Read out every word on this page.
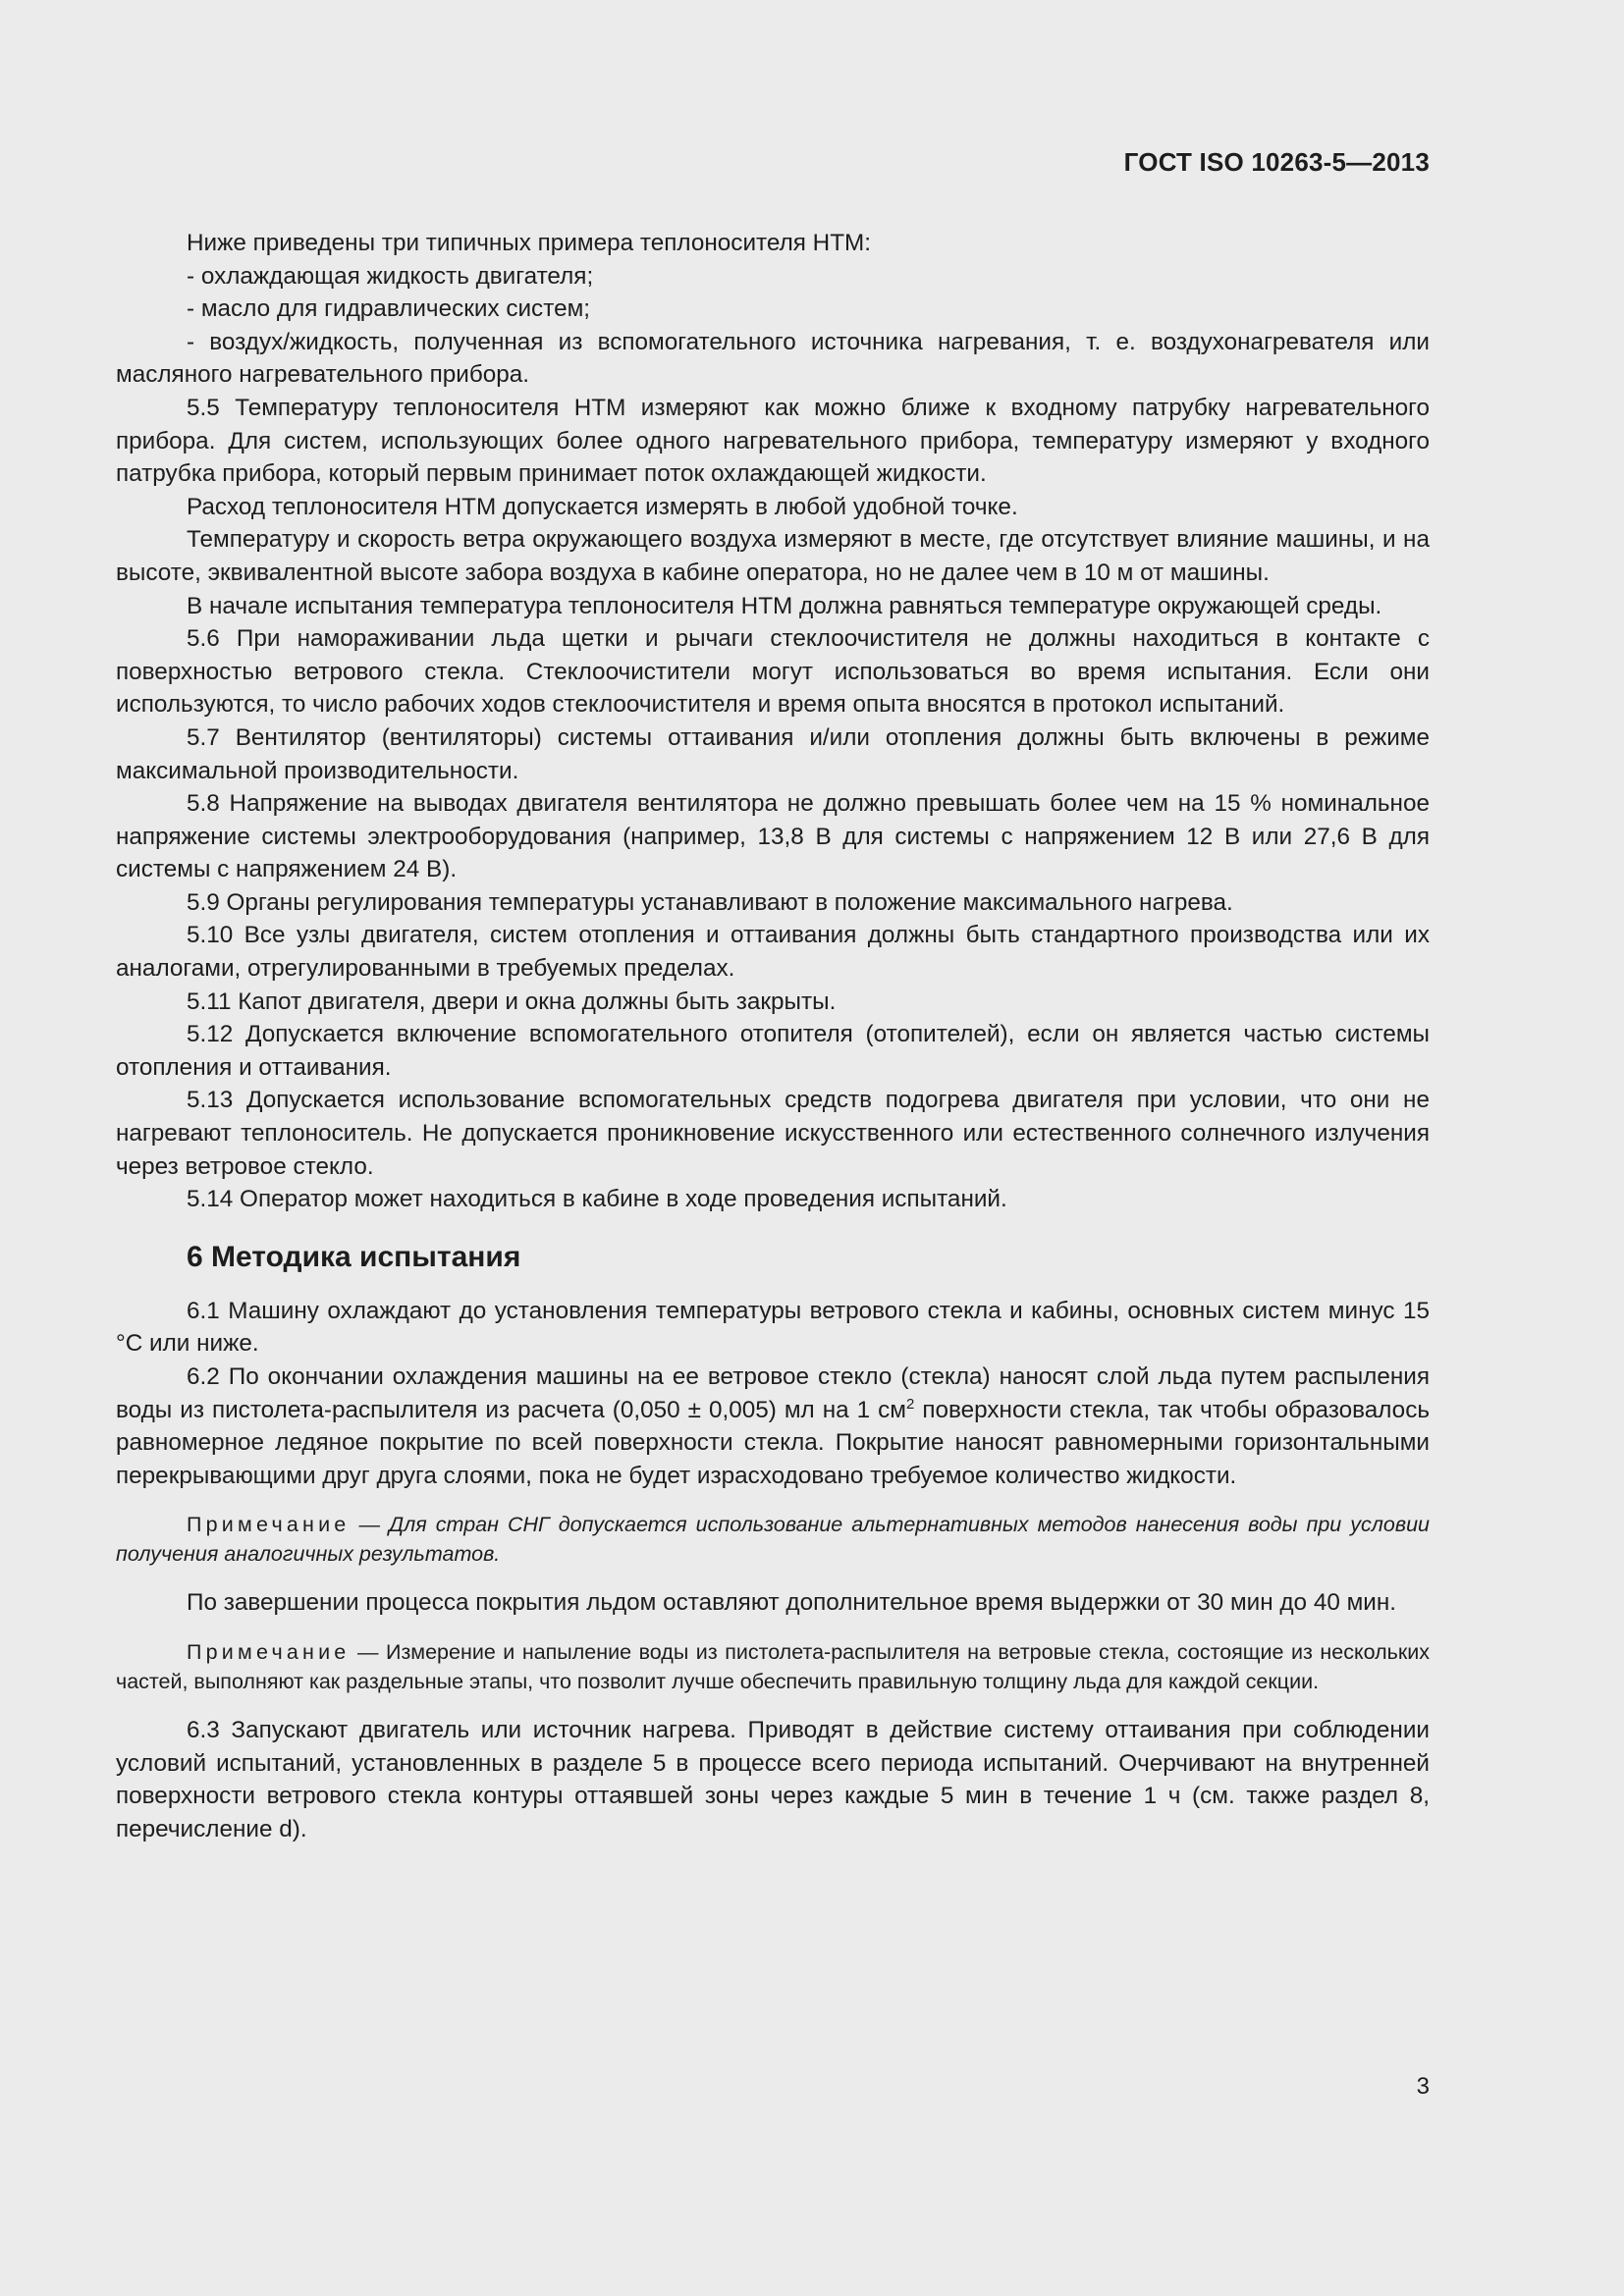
ГОСТ ISO 10263-5—2013

Ниже приведены три типичных примера теплоносителя HTM:

- охлаждающая жидкость двигателя;

- масло для гидравлических систем;

- воздух/жидкость, полученная из вспомогательного источника нагревания, т. е. воздухонагревателя или масляного нагревательного прибора.

5.5 Температуру теплоносителя HTM измеряют как можно ближе к входному патрубку нагревательного прибора. Для систем, использующих более одного нагревательного прибора, температуру измеряют у входного патрубка прибора, который первым принимает поток охлаждающей жидкости.

Расход теплоносителя HTM допускается измерять в любой удобной точке.

Температуру и скорость ветра окружающего воздуха измеряют в месте, где отсутствует влияние машины, и на высоте, эквивалентной высоте забора воздуха в кабине оператора, но не далее чем в 10 м от машины.

В начале испытания температура теплоносителя HTM должна равняться температуре окружающей среды.

5.6 При намораживании льда щетки и рычаги стеклоочистителя не должны находиться в контакте с поверхностью ветрового стекла. Стеклоочистители могут использоваться во время испытания. Если они используются, то число рабочих ходов стеклоочистителя и время опыта вносятся в протокол испытаний.

5.7 Вентилятор (вентиляторы) системы оттаивания и/или отопления должны быть включены в режиме максимальной производительности.

5.8 Напряжение на выводах двигателя вентилятора не должно превышать более чем на 15 % номинальное напряжение системы электрооборудования (например, 13,8 В для системы с напряжением 12 В или 27,6 В для системы с напряжением 24 В).

5.9 Органы регулирования температуры устанавливают в положение максимального нагрева.

5.10 Все узлы двигателя, систем отопления и оттаивания должны быть стандартного производства или их аналогами, отрегулированными в требуемых пределах.

5.11 Капот двигателя, двери и окна должны быть закрыты.

5.12 Допускается включение вспомогательного отопителя (отопителей), если он является частью системы отопления и оттаивания.

5.13 Допускается использование вспомогательных средств подогрева двигателя при условии, что они не нагревают теплоноситель. Не допускается проникновение искусственного или естественного солнечного излучения через ветровое стекло.

5.14 Оператор может находиться в кабине в ходе проведения испытаний.

6 Методика испытания

6.1 Машину охлаждают до установления температуры ветрового стекла и кабины, основных систем минус 15 °С или ниже.

6.2 По окончании охлаждения машины на ее ветровое стекло (стекла) наносят слой льда путем распыления воды из пистолета-распылителя из расчета (0,050 ± 0,005) мл на 1 $см^2$ поверхности стекла, так чтобы образовалось равномерное ледяное покрытие по всей поверхности стекла. Покрытие наносят равномерными горизонтальными перекрывающими друг друга слоями, пока не будет израсходовано требуемое количество жидкости.

Примечание — Для стран СНГ допускается использование альтернативных методов нанесения воды при условии получения аналогичных результатов.

По завершении процесса покрытия льдом оставляют дополнительное время выдержки от 30 мин до 40 мин.

Примечание — Измерение и напыление воды из пистолета-распылителя на ветровые стекла, состоящие из нескольких частей, выполняют как раздельные этапы, что позволит лучше обеспечить правильную толщину льда для каждой секции.

6.3 Запускают двигатель или источник нагрева. Приводят в действие систему оттаивания при соблюдении условий испытаний, установленных в разделе 5 в процессе всего периода испытаний. Очерчивают на внутренней поверхности ветрового стекла контуры оттаявшей зоны через каждые 5 мин в течение 1 ч (см. также раздел 8, перечисление d).

3
